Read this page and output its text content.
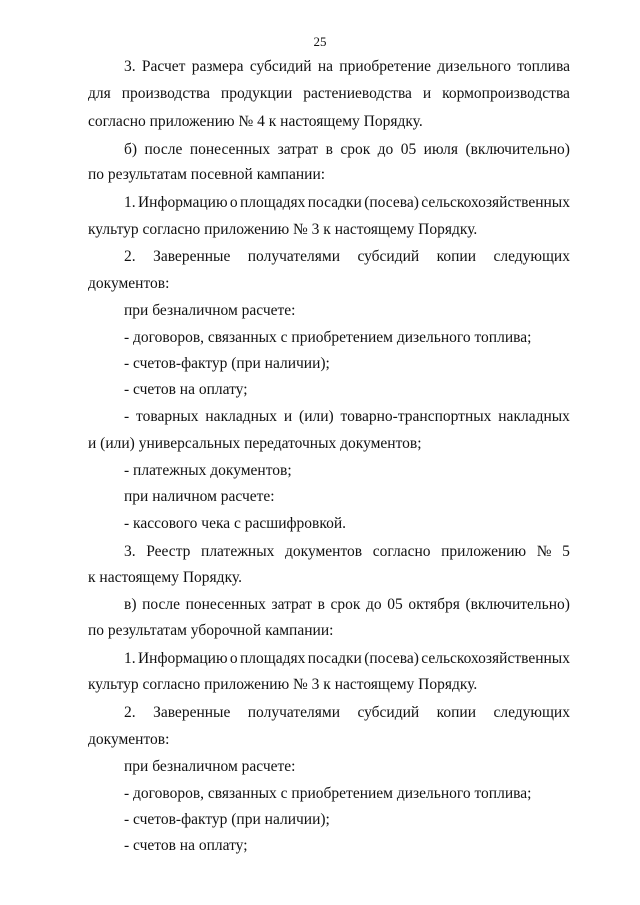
25
3. Расчет размера субсидий на приобретение дизельного топлива
для производства продукции растениеводства и кормопроизводства
согласно приложению № 4 к настоящему Порядку.
б) после понесенных затрат в срок до 05 июля (включительно)
по результатам посевной кампании:
1. Информацию о площадях посадки (посева) сельскохозяйственных
культур согласно приложению № 3 к настоящему Порядку.
2. Заверенные получателями субсидий копии следующих
документов:
при безналичном расчете:
- договоров, связанных с приобретением дизельного топлива;
- счетов-фактур (при наличии);
- счетов на оплату;
- товарных накладных и (или) товарно-транспортных накладных
и (или) универсальных передаточных документов;
- платежных документов;
при наличном расчете:
- кассового чека с расшифровкой.
3. Реестр платежных документов согласно приложению № 5
к настоящему Порядку.
в) после понесенных затрат в срок до 05 октября (включительно)
по результатам уборочной кампании:
1. Информацию о площадях посадки (посева) сельскохозяйственных
культур согласно приложению № 3 к настоящему Порядку.
2. Заверенные получателями субсидий копии следующих
документов:
при безналичном расчете:
- договоров, связанных с приобретением дизельного топлива;
- счетов-фактур (при наличии);
- счетов на оплату;
